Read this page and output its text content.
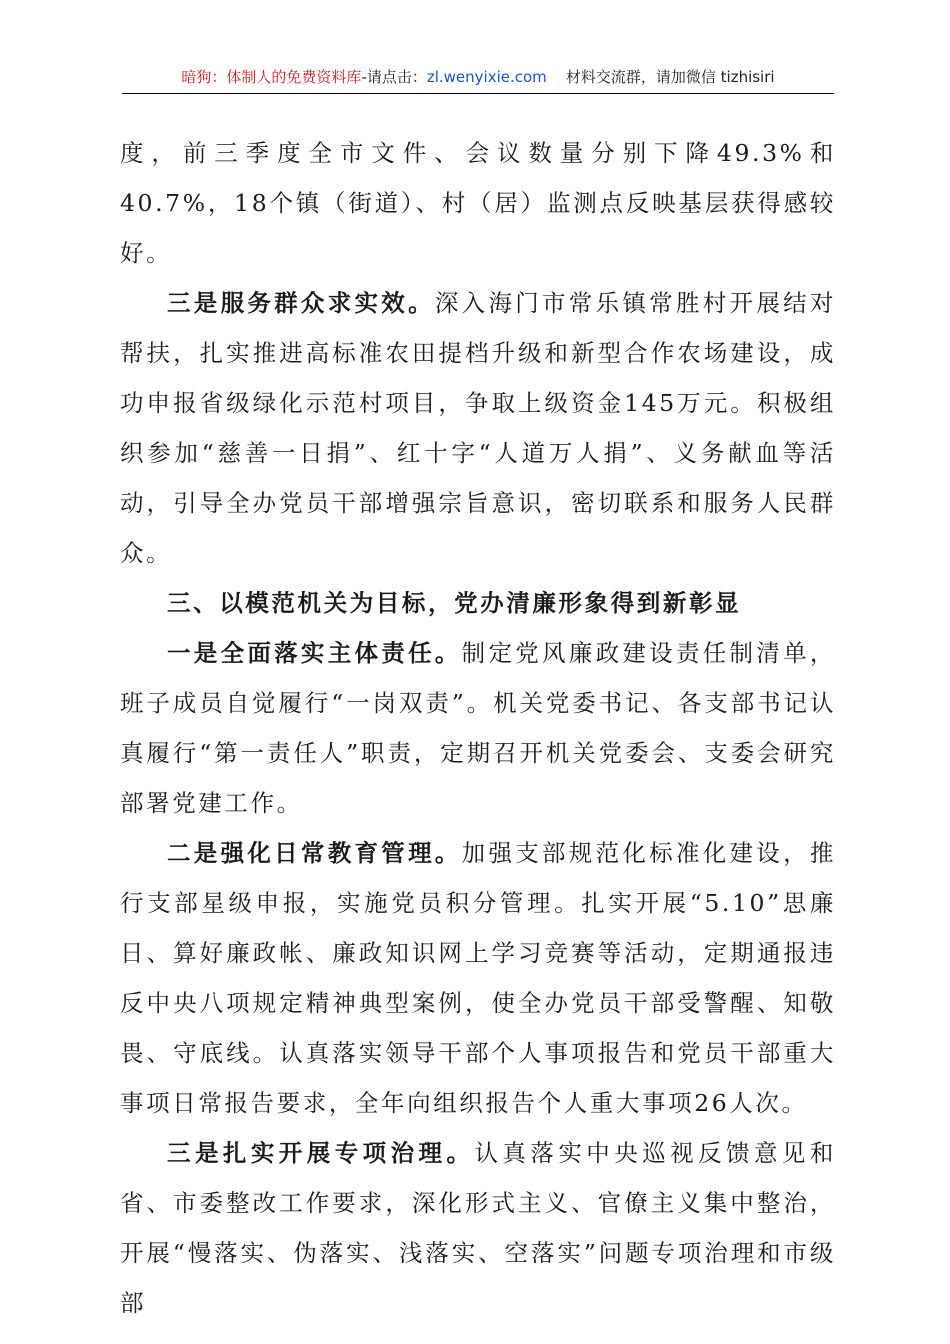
暗狗：体制人的免费资料库-请点击：zl.wenyixie.com 材料交流群，请加微信 tizhisiri

度，前三季度全市文件、会议数量分别下降49.3%和40.7%，18个镇（街道）、村（居）监测点反映基层获得感较好。

三是服务群众求实效。深入海门市常乐镇常胜村开展结对帮扶，扎实推进高标准农田提档升级和新型合作农场建设，成功申报省级绿化示范村项目，争取上级资金145万元。积极组织参加“慈善一日捐”、红十字“人道万人捐”、义务献血等活动，引导全办党员干部增强宗旨意识，密切联系和服务人民群众。

三、以模范机关为目标，党办清廉形象得到新彰显

一是全面落实主体责任。制定党风廉政建设责任制清单，班子成员自觉履行“一岗双责”。机关党委书记、各支部书记认真履行“第一责任人”职责，定期召开机关党委会、支委会研究部署党建工作。

二是强化日常教育管理。加强支部规范化标准化建设，推行支部星级申报，实施党员积分管理。扎实开展“5.10”思廉日、算好廉政帐、廉政知识网上学习竞赛等活动，定期通报违反中央八项规定精神典型案例，使全办党员干部受警醒、知敬畏、守底线。认真落实领导干部个人事项报告和党员干部重大事项日常报告要求，全年向组织报告个人重大事项26人次。

三是扎实开展专项治理。认真落实中央巡视反馈意见和省、市委整改工作要求，深化形式主义、官僚主义集中整治，开展“慢落实、伪落实、浅落实、空落实”问题专项治理和市级部
